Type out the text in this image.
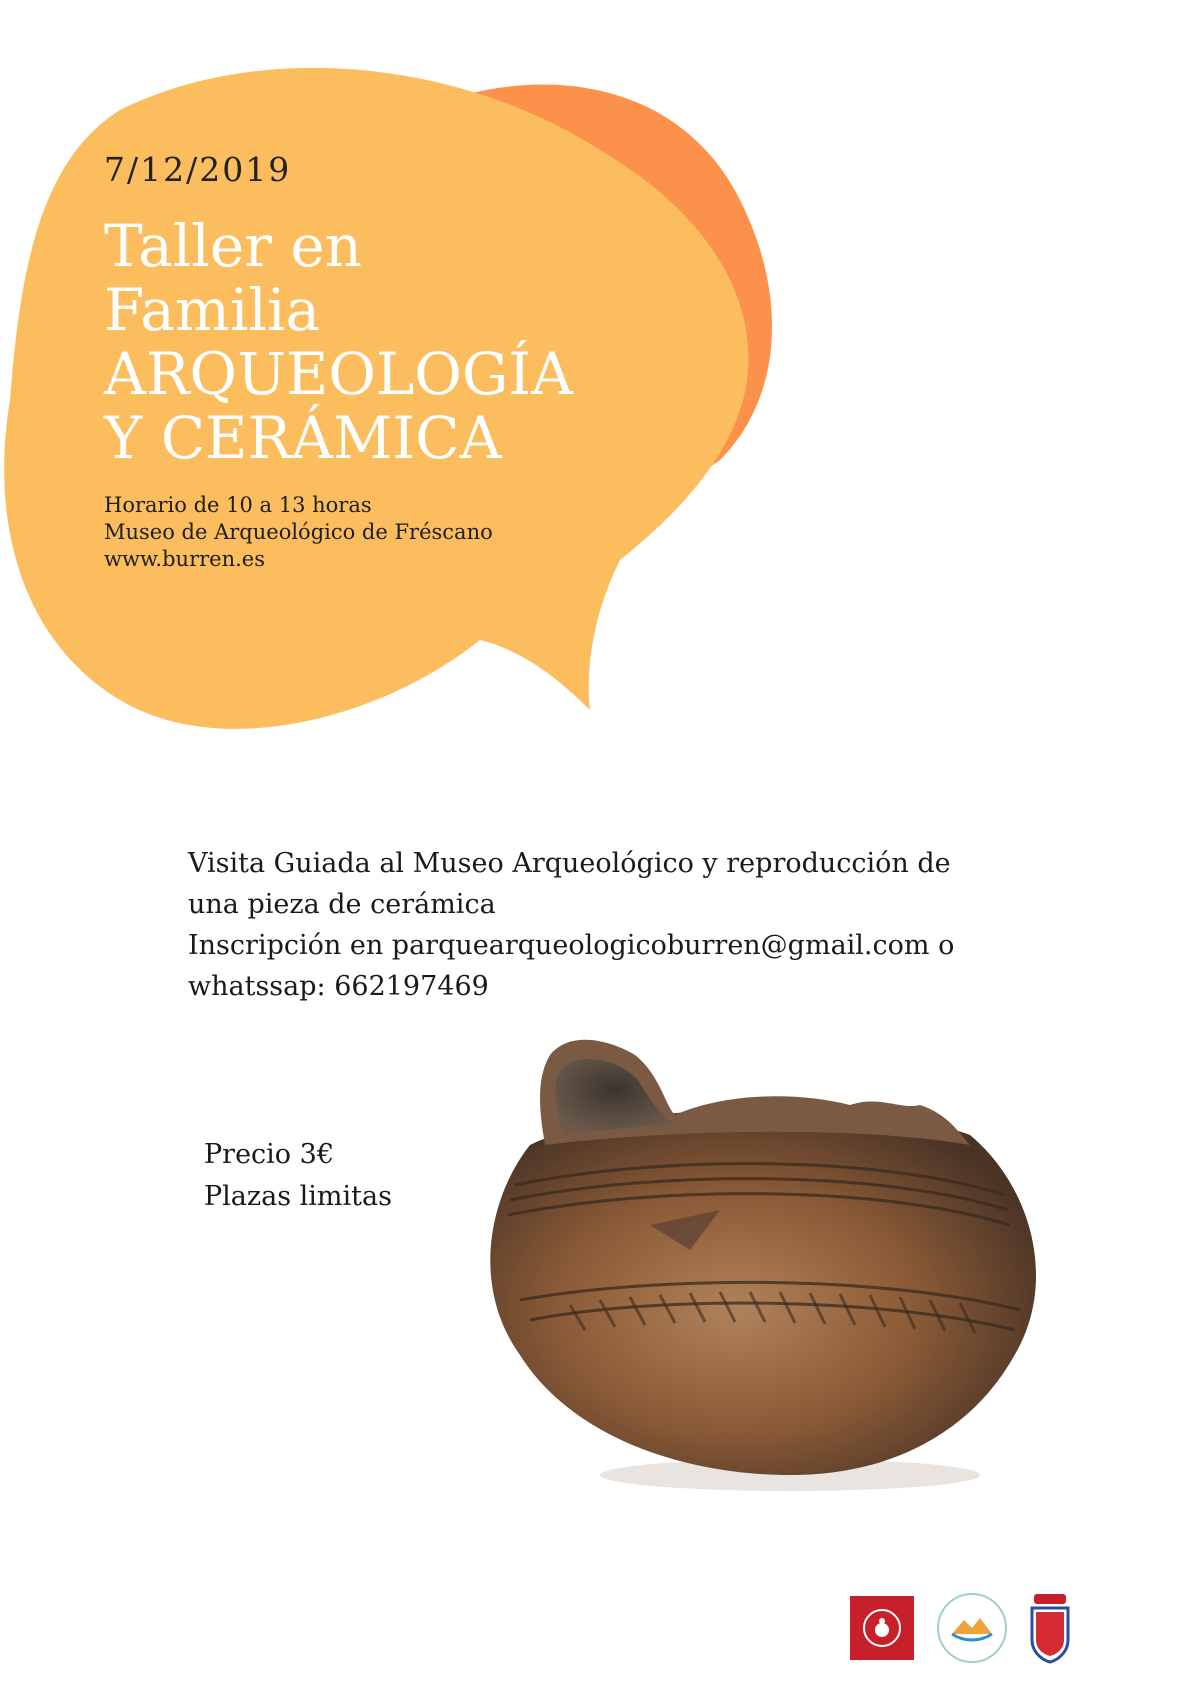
7/12/2019
Taller en
Familia
ARQUEOLOGÍA
Y CERÁMICA
Horario de 10 a 13 horas
Museo de Arqueológico de Fréscano
www.burren.es
Visita Guiada al Museo Arqueológico y reproducción de
una pieza de cerámica
Inscripción en parquearqueologicoburren@gmail.com o
whatssap: 662197469
Precio 3€
Plazas limitas
